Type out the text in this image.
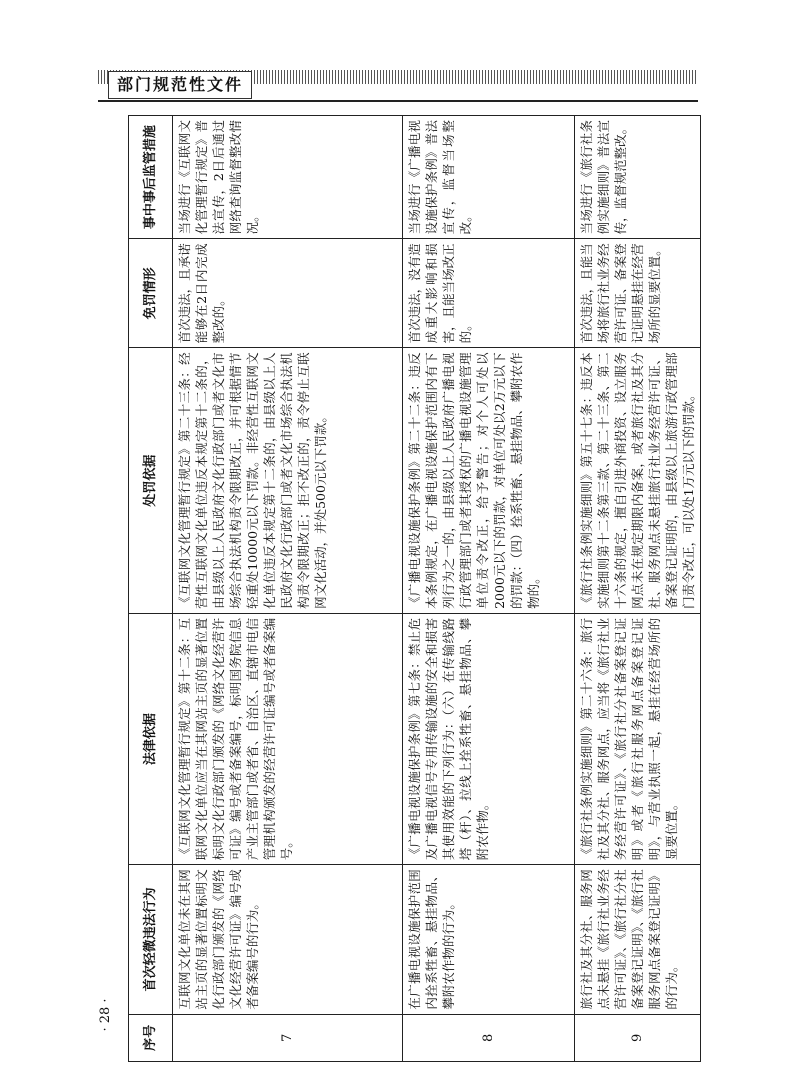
部门规范性文件
序号	首次轻微违法行为	法律依据	处罚依据	免罚情形	事中事后监管措施
7	互联网文化单位未在其网站主页的显著位置标明文化行政部门颁发的《网络文化经营许可证》编号或者备案编号的行为。	《互联网文化管理暂行规定》第十二条：互联网文化单位应当在其网站主页的显著位置标明文化行政部门颁发的《网络文化经营许可证》编号或者备案编号，标明国务院信息产业主管部门或者省、自治区、直辖市电信管理机构颁发的经营许可证编号或者备案编号。	《互联网文化管理暂行规定》第二十三条：经营性互联网文化单位违反本规定第十二条的，由县级以上人民政府文化行政部门或者文化市场综合执法机构责令限期改正，并可根据情节轻重处10000元以下罚款。非经营性互联网文化单位违反本规定第十二条的，由县级以上人民政府文化行政部门或者文化市场综合执法机构责令限期改正；拒不改正的，责令停止互联网文化活动，并处500元以下罚款。	首次违法，且承诺能够在2日内完成整改的。	当场进行《互联网文化管理暂行规定》普法宣传，2日后通过网络查询监督整改情况。
8	在广播电视设施保护范围内拴系牲畜、悬挂物品、攀附农作物的行为。	《广播电视设施保护条例》第七条：禁止危及广播电视信号专用传输设施的安全和损害其使用效能的下列行为：（六）在传输线路塔（杆）、拉线上拴系牲畜、悬挂物品、攀附农作物。	《广播电视设施保护条例》第二十二条：违反本条例规定，在广播电视设施保护范围内有下列行为之一的，由县级以上人民政府广播电视行政管理部门或者其授权的广播电视设施管理单位责令改正，给予警告；对个人可处以2000元以下的罚款，对单位可处以2万元以下的罚款：（四）拴系牲畜、悬挂物品、攀附农作物的。	首次违法，没有造成重大影响和损害，且能当场改正的。	当场进行《广播电视设施保护条例》普法宣传，监督当场整改。
9	旅行社及其分社、服务网点未悬挂《旅行社业务经营许可证》、《旅行社分社备案登记证明》、《旅行社服务网点备案登记证明》的行为。	《旅行社条例实施细则》第二十六条：旅行社及其分社、服务网点，应当将《旅行社业务经营许可证》、《旅行社分社备案登记证明》或者《旅行社服务网点备案登记证明》，与营业执照一起，悬挂在经营场所的显要位置。	《旅行社条例实施细则》第五十七条：违反本实施细则第十二条第三款、第二十三条、第二十六条的规定，擅自引进外商投资、设立服务网点未在规定期限内备案，或者旅行社及其分社、服务网点未悬挂旅行社业务经营许可证、备案登记证明的，由县级以上旅游行政管理部门责令改正，可以处1万元以下的罚款。	首次违法，且能当场将旅行社业务经营许可证、备案登记证明悬挂在经营场所的显要位置。	当场进行《旅行社条例实施细则》普法宣传，监督规范整改。
· 28 ·
